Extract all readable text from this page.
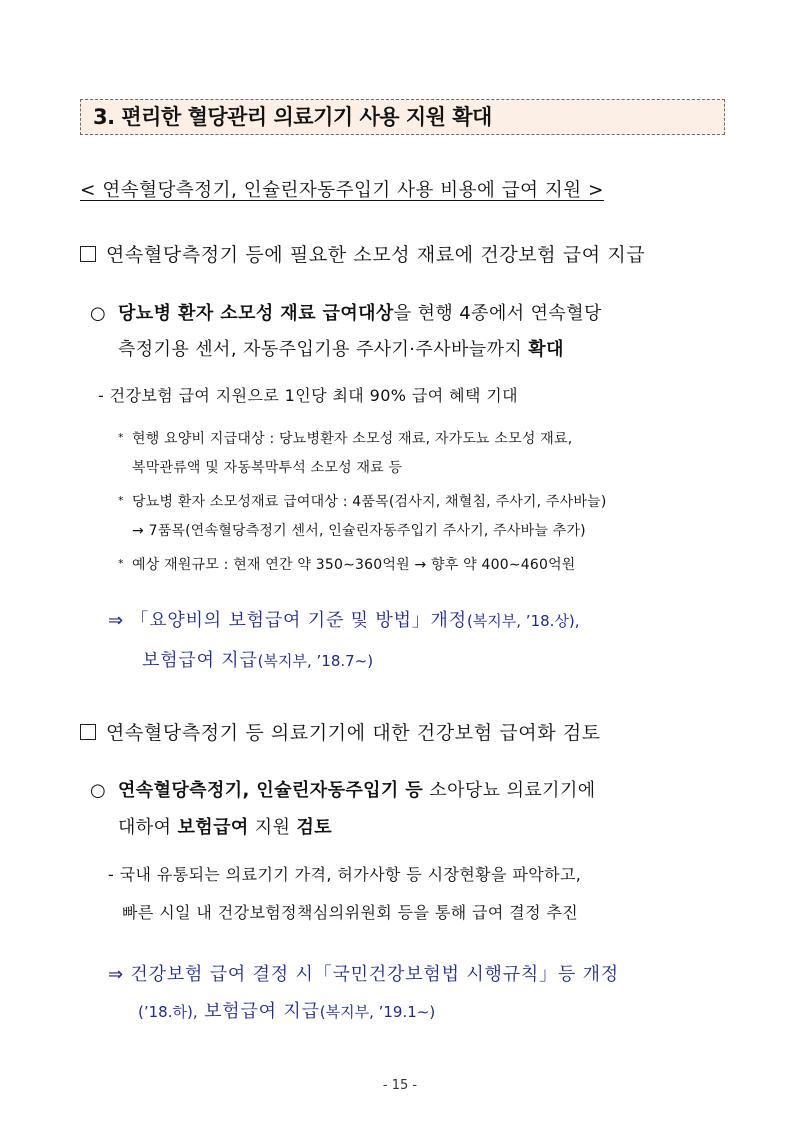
3. 편리한 혈당관리 의료기기 사용 지원 확대
< 연속혈당측정기, 인슐린자동주입기 사용 비용에 급여 지원 >
연속혈당측정기 등에 필요한 소모성 재료에 건강보험 급여 지급
○ 당뇨병 환자 소모성 재료 급여대상을 현행 4종에서 연속혈당
측정기용 센서, 자동주입기용 주사기·주사바늘까지 확대
- 건강보험 급여 지원으로 1인당 최대 90% 급여 혜택 기대
* 현행 요양비 지급대상 : 당뇨병환자 소모성 재료, 자가도뇨 소모성 재료,
복막관류액 및 자동복막투석 소모성 재료 등
* 당뇨병 환자 소모성재료 급여대상 : 4품목(검사지, 채혈침, 주사기, 주사바늘)
→ 7품목(연속혈당측정기 센서, 인슐린자동주입기 주사기, 주사바늘 추가)
* 예상 재원규모 : 현재 연간 약 350∼360억원 → 향후 약 400∼460억원
⇒ 「요양비의 보험급여 기준 및 방법」개정(복지부, ’18.상),
보험급여 지급(복지부, ’18.7∼)
연속혈당측정기 등 의료기기에 대한 건강보험 급여화 검토
○ 연속혈당측정기, 인슐린자동주입기 등 소아당뇨 의료기기에
대하여 보험급여 지원 검토
- 국내 유통되는 의료기기 가격, 허가사항 등 시장현황을 파악하고,
빠른 시일 내 건강보험정책심의위원회 등을 통해 급여 결정 추진
⇒ 건강보험 급여 결정 시「국민건강보험법 시행규칙」등 개정
(’18.하), 보험급여 지급(복지부, ’19.1∼)
- 15 -
